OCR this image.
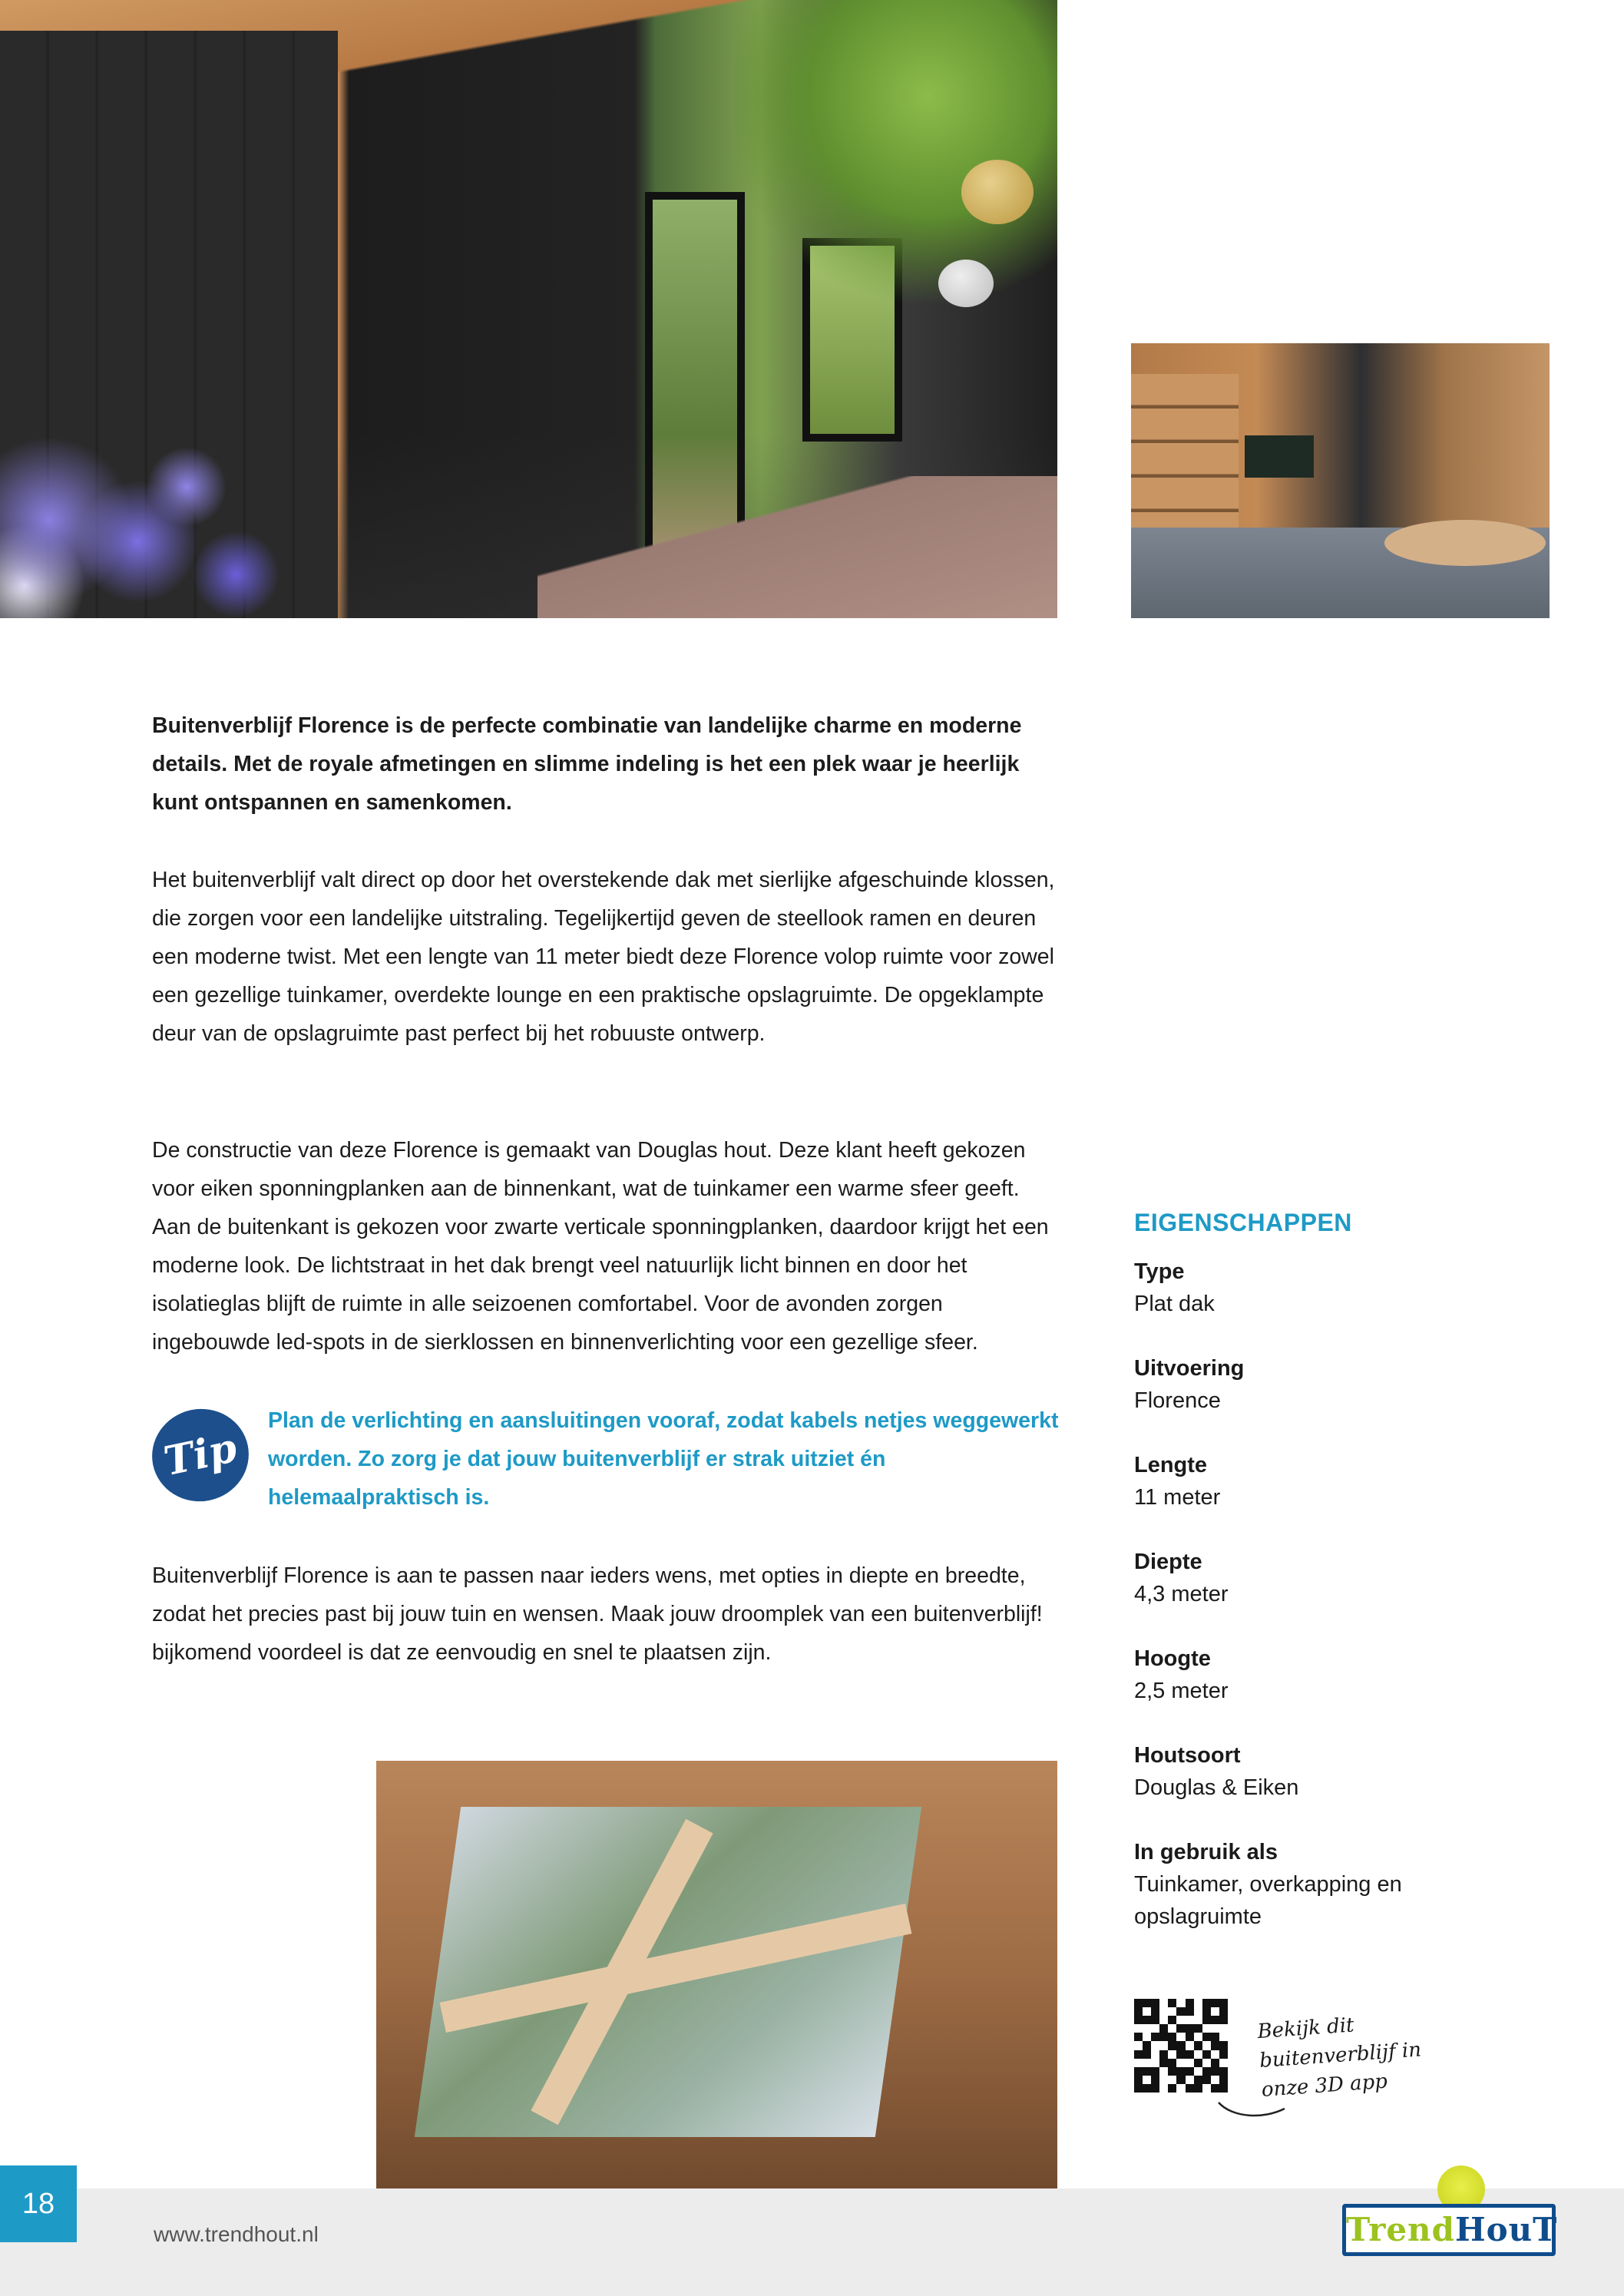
Buitenverblijf Florence is de perfecte combinatie van landelijke charme en moderne details. Met de royale afmetingen en slimme indeling is het een plek waar je heerlijk kunt ontspannen en samenkomen.

Het buitenverblijf valt direct op door het overstekende dak met sierlijke afgeschuinde klossen, die zorgen voor een landelijke uitstraling. Tegelijkertijd geven de steellook ramen en deuren een moderne twist. Met een lengte van 11 meter biedt deze Florence volop ruimte voor zowel een gezellige tuinkamer, overdekte lounge en een praktische opslagruimte. De opgeklampte deur van de opslagruimte past perfect bij het robuuste ontwerp.

De constructie van deze Florence is gemaakt van Douglas hout. Deze klant heeft gekozen voor eiken sponningplanken aan de binnenkant, wat de tuinkamer een warme sfeer geeft. Aan de buitenkant is gekozen voor zwarte verticale sponningplanken, daardoor krijgt het een moderne look. De lichtstraat in het dak brengt veel natuurlijk licht binnen en door het isolatieglas blijft de ruimte in alle seizoenen comfortabel. Voor de avonden zorgen ingebouwde led-spots in de sierklossen en binnenverlichting voor een gezellige sfeer.

Tip
Plan de verlichting en aansluitingen vooraf, zodat kabels netjes weggewerkt worden. Zo zorg je dat jouw buitenverblijf er strak uitziet én helemaalpraktisch is.

Buitenverblijf Florence is aan te passen naar ieders wens, met opties in diepte en breedte, zodat het precies past bij jouw tuin en wensen. Maak jouw droomplek van een buitenverblijf! bijkomend voordeel is dat ze eenvoudig en snel te plaatsen zijn.

EIGENSCHAPPEN
Type
Plat dak
Uitvoering
Florence
Lengte
11 meter
Diepte
4,3 meter
Hoogte
2,5 meter
Houtsoort
Douglas & Eiken
In gebruik als
Tuinkamer, overkapping en opslagruimte
Bekijk dit buitenverblijf in onze 3D app
18
www.trendhout.nl	TrendHouT
